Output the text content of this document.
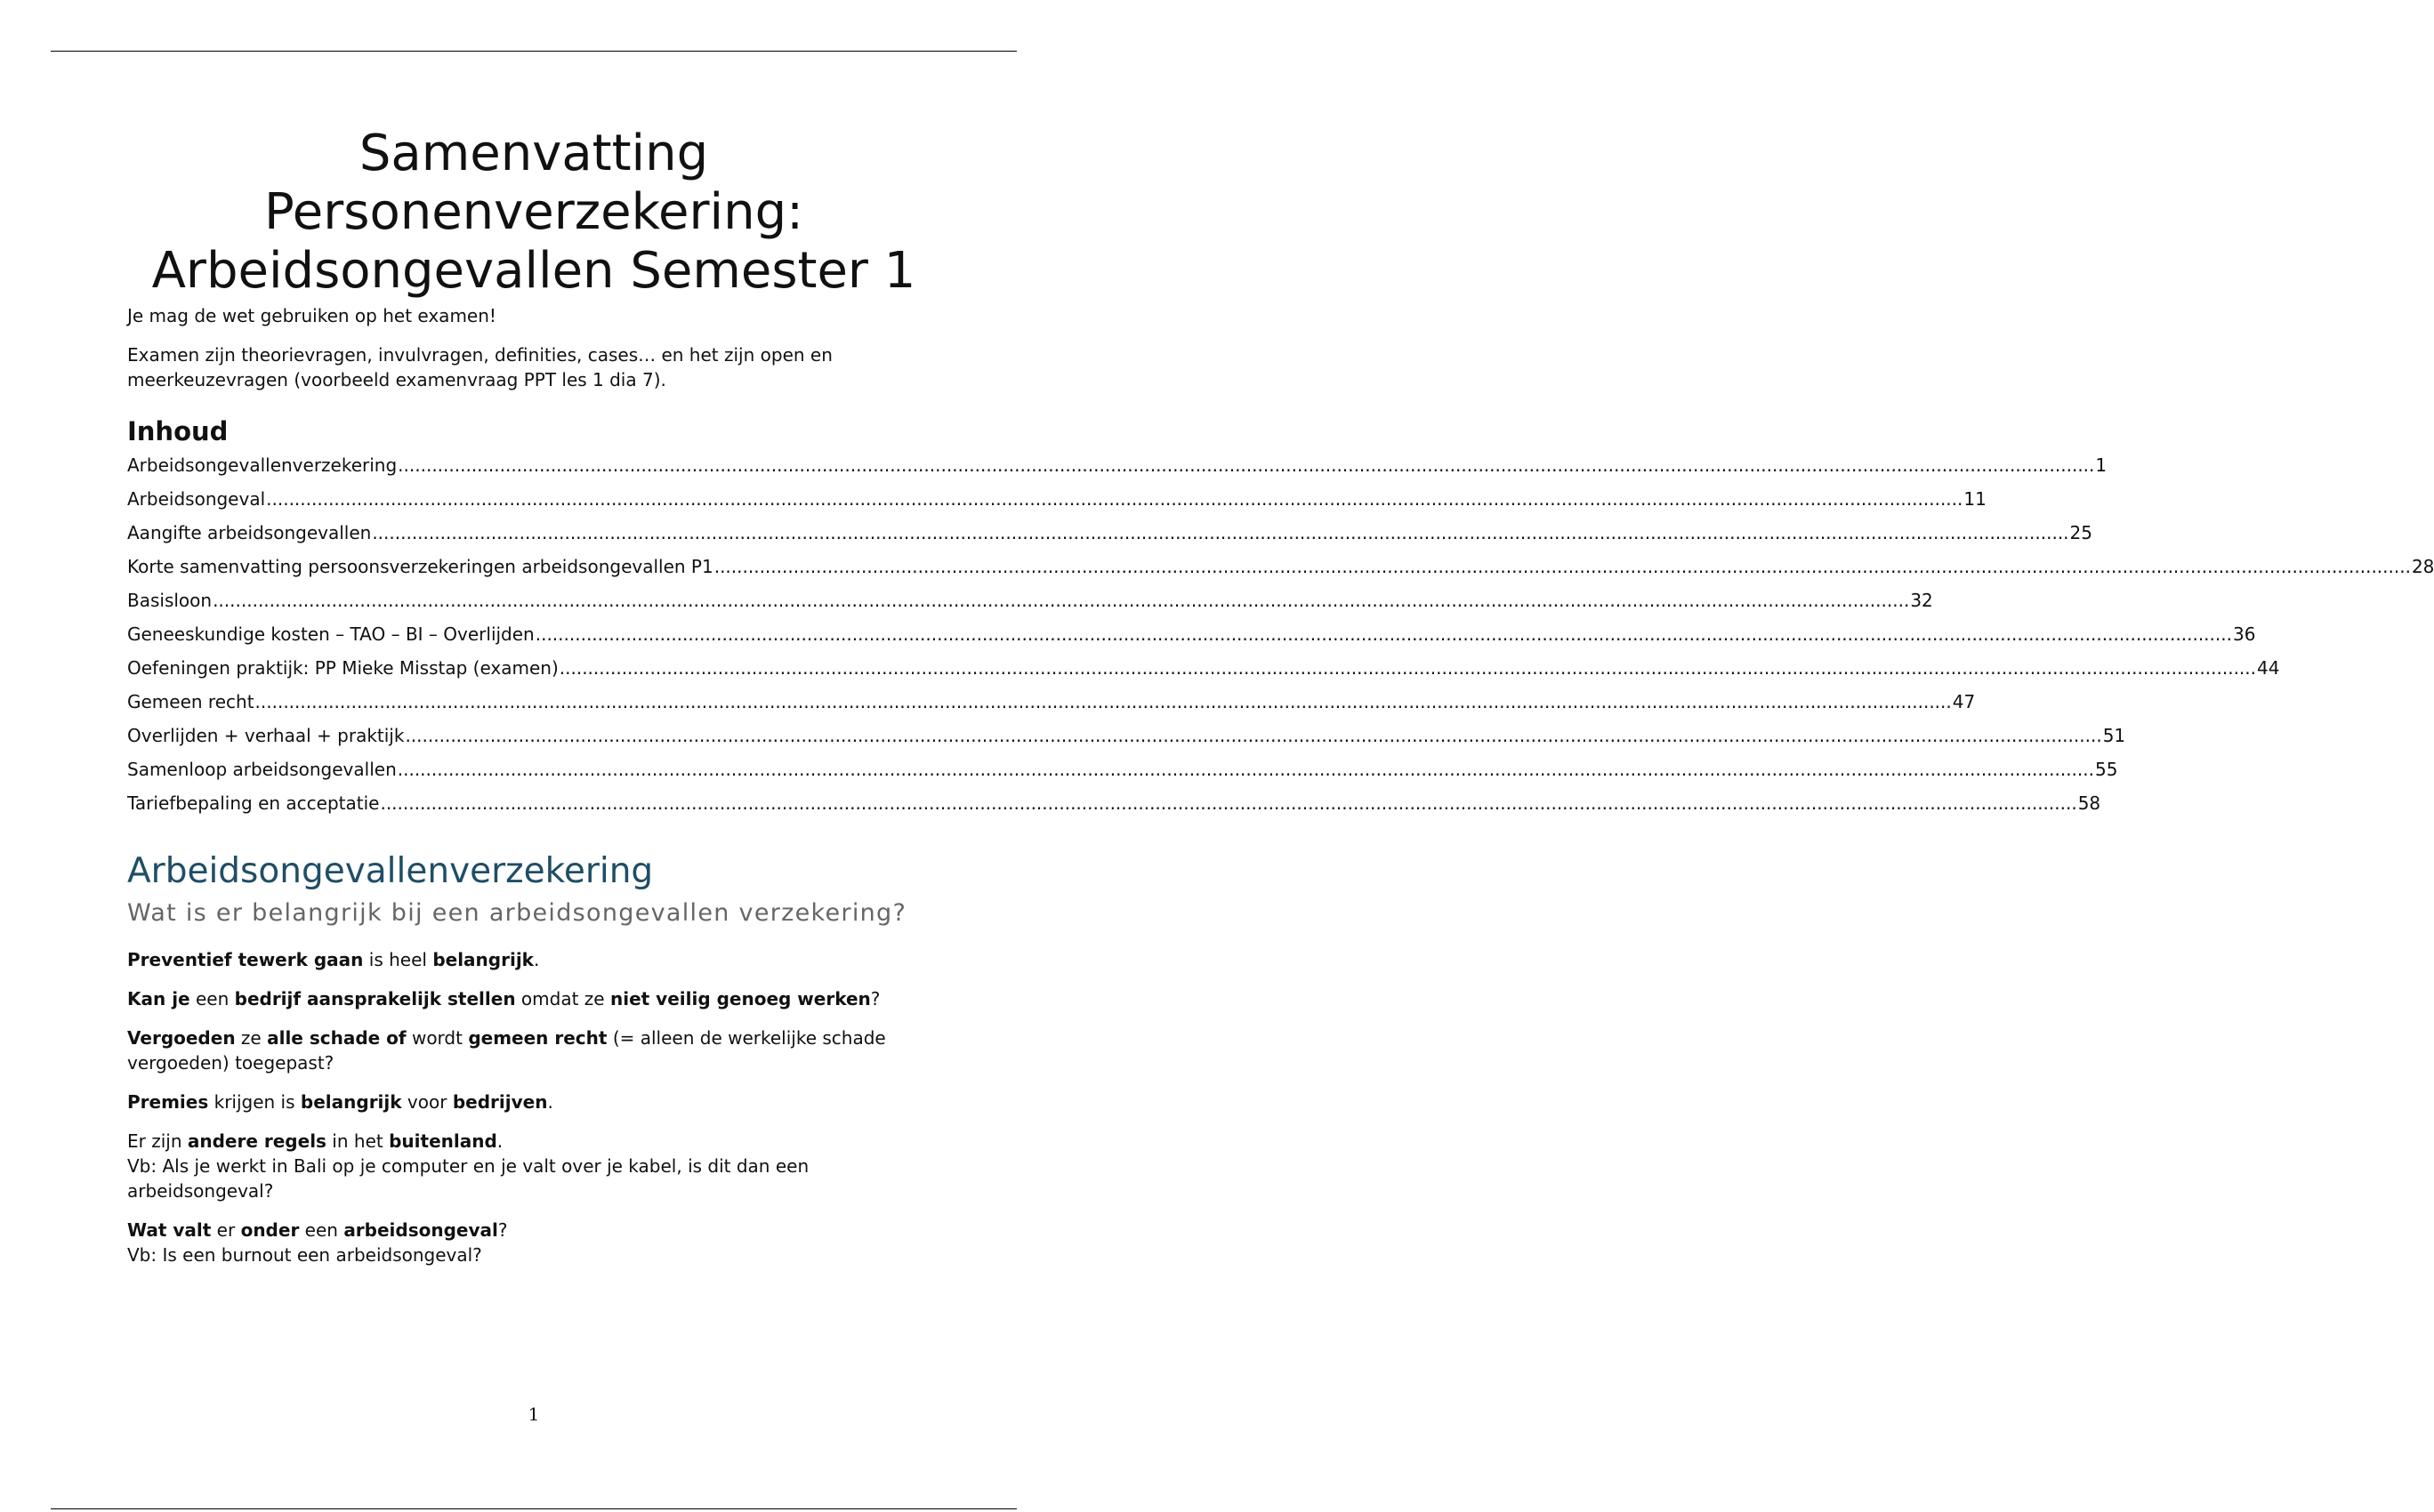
Samenvatting
Personenverzekering:
Arbeidsongevallen Semester 1

Je mag de wet gebruiken op het examen!

Examen zijn theorievragen, invulvragen, definities, cases… en het zijn open en meerkeuzevragen (voorbeeld examenvraag PPT les 1 dia 7).

Inhoud
Arbeidsongevallenverzekering ............................................................................................................................................................................................................................................................................................................ 1
Arbeidsongeval ............................................................................................................................................................................................................................................................................................................ 11
Aangifte arbeidsongevallen ............................................................................................................................................................................................................................................................................................................ 25
Korte samenvatting persoonsverzekeringen arbeidsongevallen P1 ............................................................................................................................................................................................................................................................................................................ 28
Basisloon ............................................................................................................................................................................................................................................................................................................ 32
Geneeskundige kosten – TAO – BI – Overlijden ............................................................................................................................................................................................................................................................................................................ 36
Oefeningen praktijk: PP Mieke Misstap (examen) ............................................................................................................................................................................................................................................................................................................ 44
Gemeen recht ............................................................................................................................................................................................................................................................................................................ 47
Overlijden + verhaal + praktijk ............................................................................................................................................................................................................................................................................................................ 51
Samenloop arbeidsongevallen ............................................................................................................................................................................................................................................................................................................ 55
Tariefbepaling en acceptatie ............................................................................................................................................................................................................................................................................................................ 58
Arbeidsongevallenverzekering
Wat is er belangrijk bij een arbeidsongevallen verzekering?

Preventief tewerk gaan is heel belangrijk.

Kan je een bedrijf aansprakelijk stellen omdat ze niet veilig genoeg werken?

Vergoeden ze alle schade of wordt gemeen recht (= alleen de werkelijke schade vergoeden) toegepast?

Premies krijgen is belangrijk voor bedrijven.

Er zijn andere regels in het buitenland.
Vb: Als je werkt in Bali op je computer en je valt over je kabel, is dit dan een arbeidsongeval?

Wat valt er onder een arbeidsongeval?
Vb: Is een burnout een arbeidsongeval?

1
